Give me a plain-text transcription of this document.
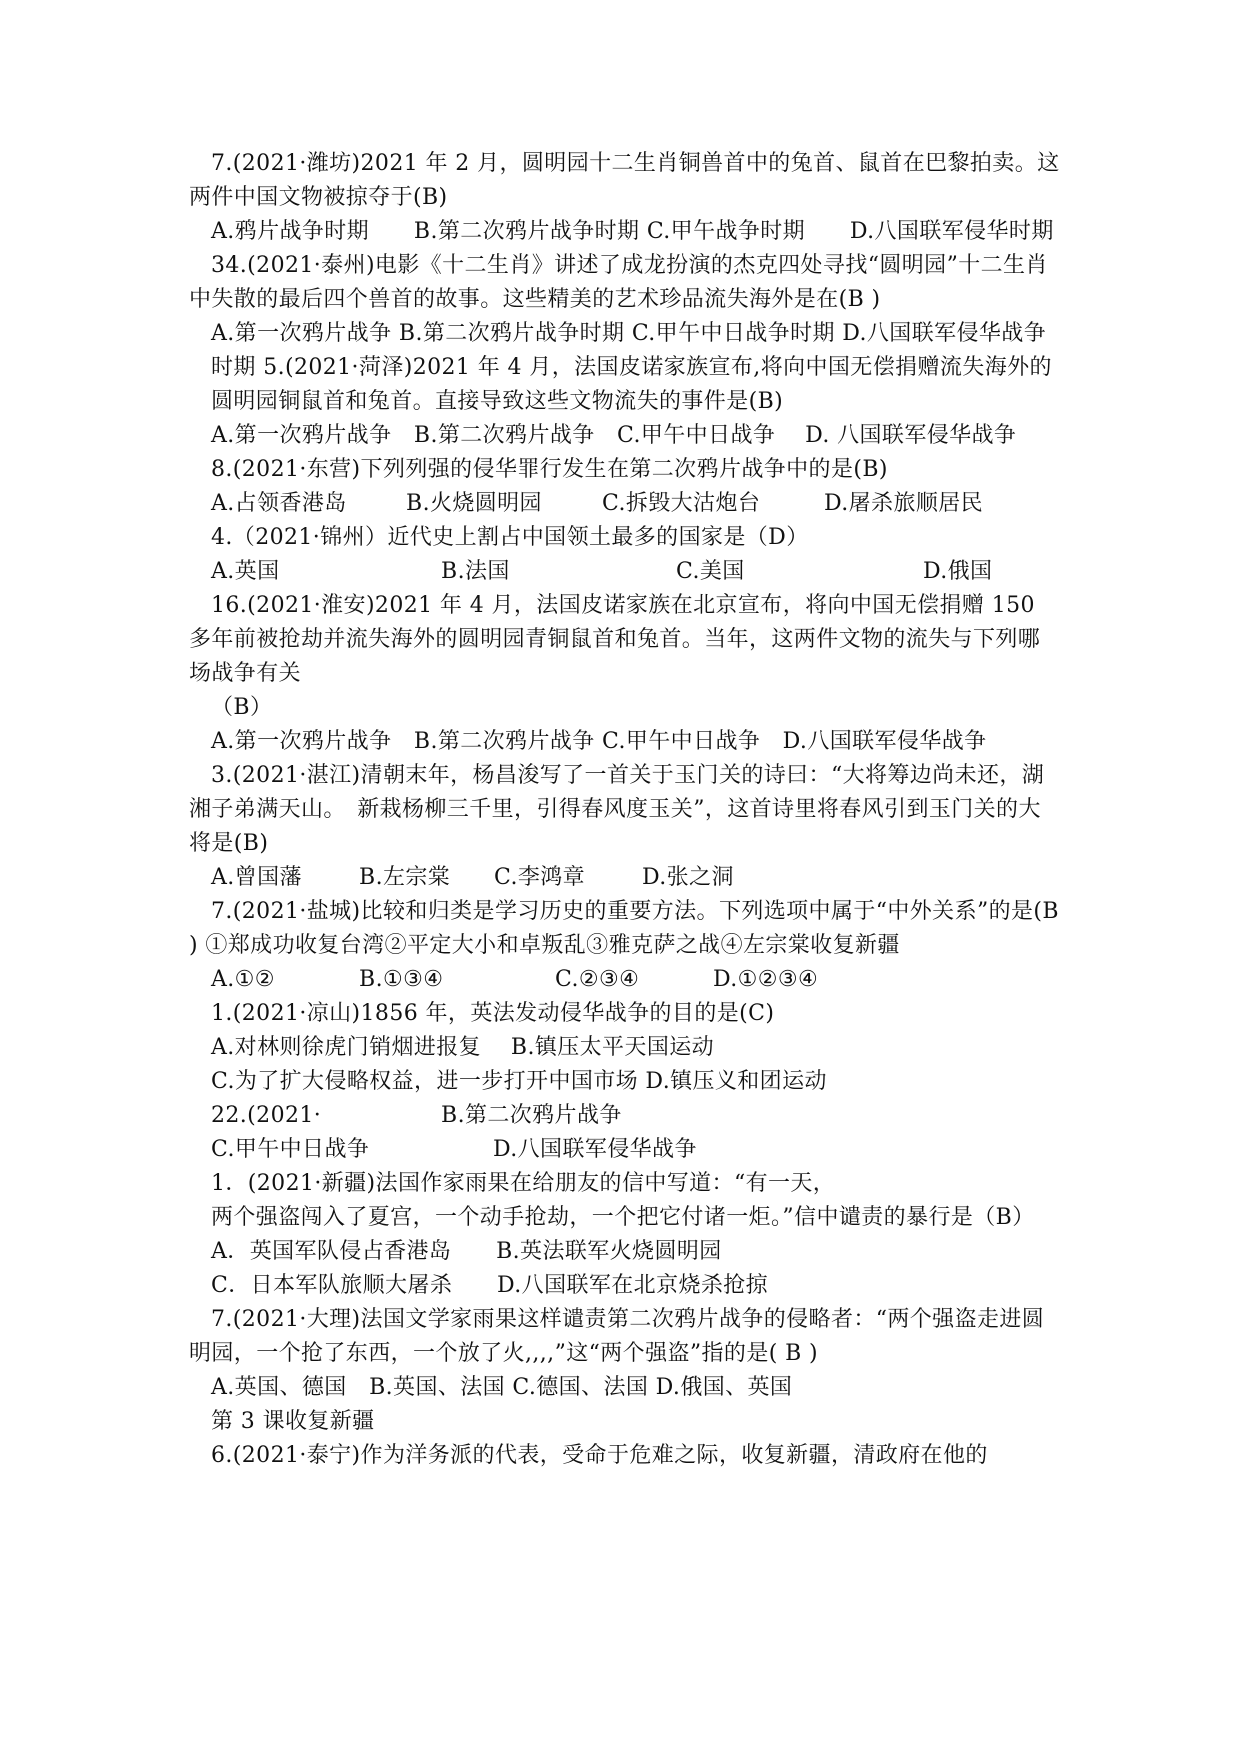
7.(2021·潍坊)2021 年 2 月，圆明园十二生肖铜兽首中的兔首、鼠首在巴黎拍卖。这两件中国文物被掠夺于(B)

A.鸦片战争时期　　B.第二次鸦片战争时期 C.甲午战争时期　　D.八国联军侵华时期

34.(2021·泰州)电影《十二生肖》讲述了成龙扮演的杰克四处寻找“圆明园”十二生肖中失散的最后四个兽首的故事。这些精美的艺术珍品流失海外是在(B )

A.第一次鸦片战争 B.第二次鸦片战争时期 C.甲午中日战争时期 D.八国联军侵华战争时期 5.(2021·菏泽)2021 年 4 月，法国皮诺家族宣布,将向中国无偿捐赠流失海外的圆明园铜鼠首和兔首。直接导致这些文物流失的事件是(B)

A.第一次鸦片战争　B.第二次鸦片战争　C.甲午中日战争　 D. 八国联军侵华战争

8.(2021·东营)下列列强的侵华罪行发生在第二次鸦片战争中的是(B)

A.占领香港岛	B.火烧圆明园	C.拆毁大沽炮台	D.屠杀旅顺居民

4.（2021·锦州）近代史上割占中国领土最多的国家是（D）

A.英国	B.法国	C.美国	D.俄国

16.(2021·淮安)2021 年 4 月，法国皮诺家族在北京宣布，将向中国无偿捐赠 150 多年前被抢劫并流失海外的圆明园青铜鼠首和兔首。当年，这两件文物的流失与下列哪场战争有关

（B）

A.第一次鸦片战争　B.第二次鸦片战争 C.甲午中日战争　D.八国联军侵华战争

3.(2021·湛江)清朝末年，杨昌浚写了一首关于玉门关的诗曰：“大将筹边尚未还，湖湘子弟满天山。　新栽杨柳三千里，引得春风度玉关”，这首诗里将春风引到玉门关的大将是(B)

A.曾国藩	B.左宗棠	C.李鸿章	D.张之洞

7.(2021·盐城)比较和归类是学习历史的重要方法。下列选项中属于“中外关系”的是(B ) ①郑成功收复台湾②平定大小和卓叛乱③雅克萨之战④左宗棠收复新疆

A.①②	B.①③④	C.②③④	D.①②③④

1.(2021·凉山)1856 年，英法发动侵华战争的目的是(C)

A.对林则徐虎门销烟进报复　 B.镇压太平天国运动

C.为了扩大侵略权益，进一步打开中国市场 D.镇压义和团运动

22.(2021·	B.第二次鸦片战争
C.甲午中日战争	D.八国联军侵华战争

1．(2021·新疆)法国作家雨果在给朋友的信中写道：“有一天，

两个强盗闯入了夏宫，一个动手抢劫，一个把它付诸一炬。”信中谴责的暴行是（B）

A．英国军队侵占香港岛　　B.英法联军火烧圆明园

C．日本军队旅顺大屠杀　　D.八国联军在北京烧杀抢掠

7.(2021·大理)法国文学家雨果这样谴责第二次鸦片战争的侵略者：“两个强盗走进圆明园，一个抢了东西，一个放了火,,,,”这“两个强盗”指的是( B )

A.英国、德国　B.英国、法国 C.德国、法国 D.俄国、英国

第 3 课收复新疆

6.(2021·泰宁)作为洋务派的代表，受命于危难之际，收复新疆，清政府在他的
